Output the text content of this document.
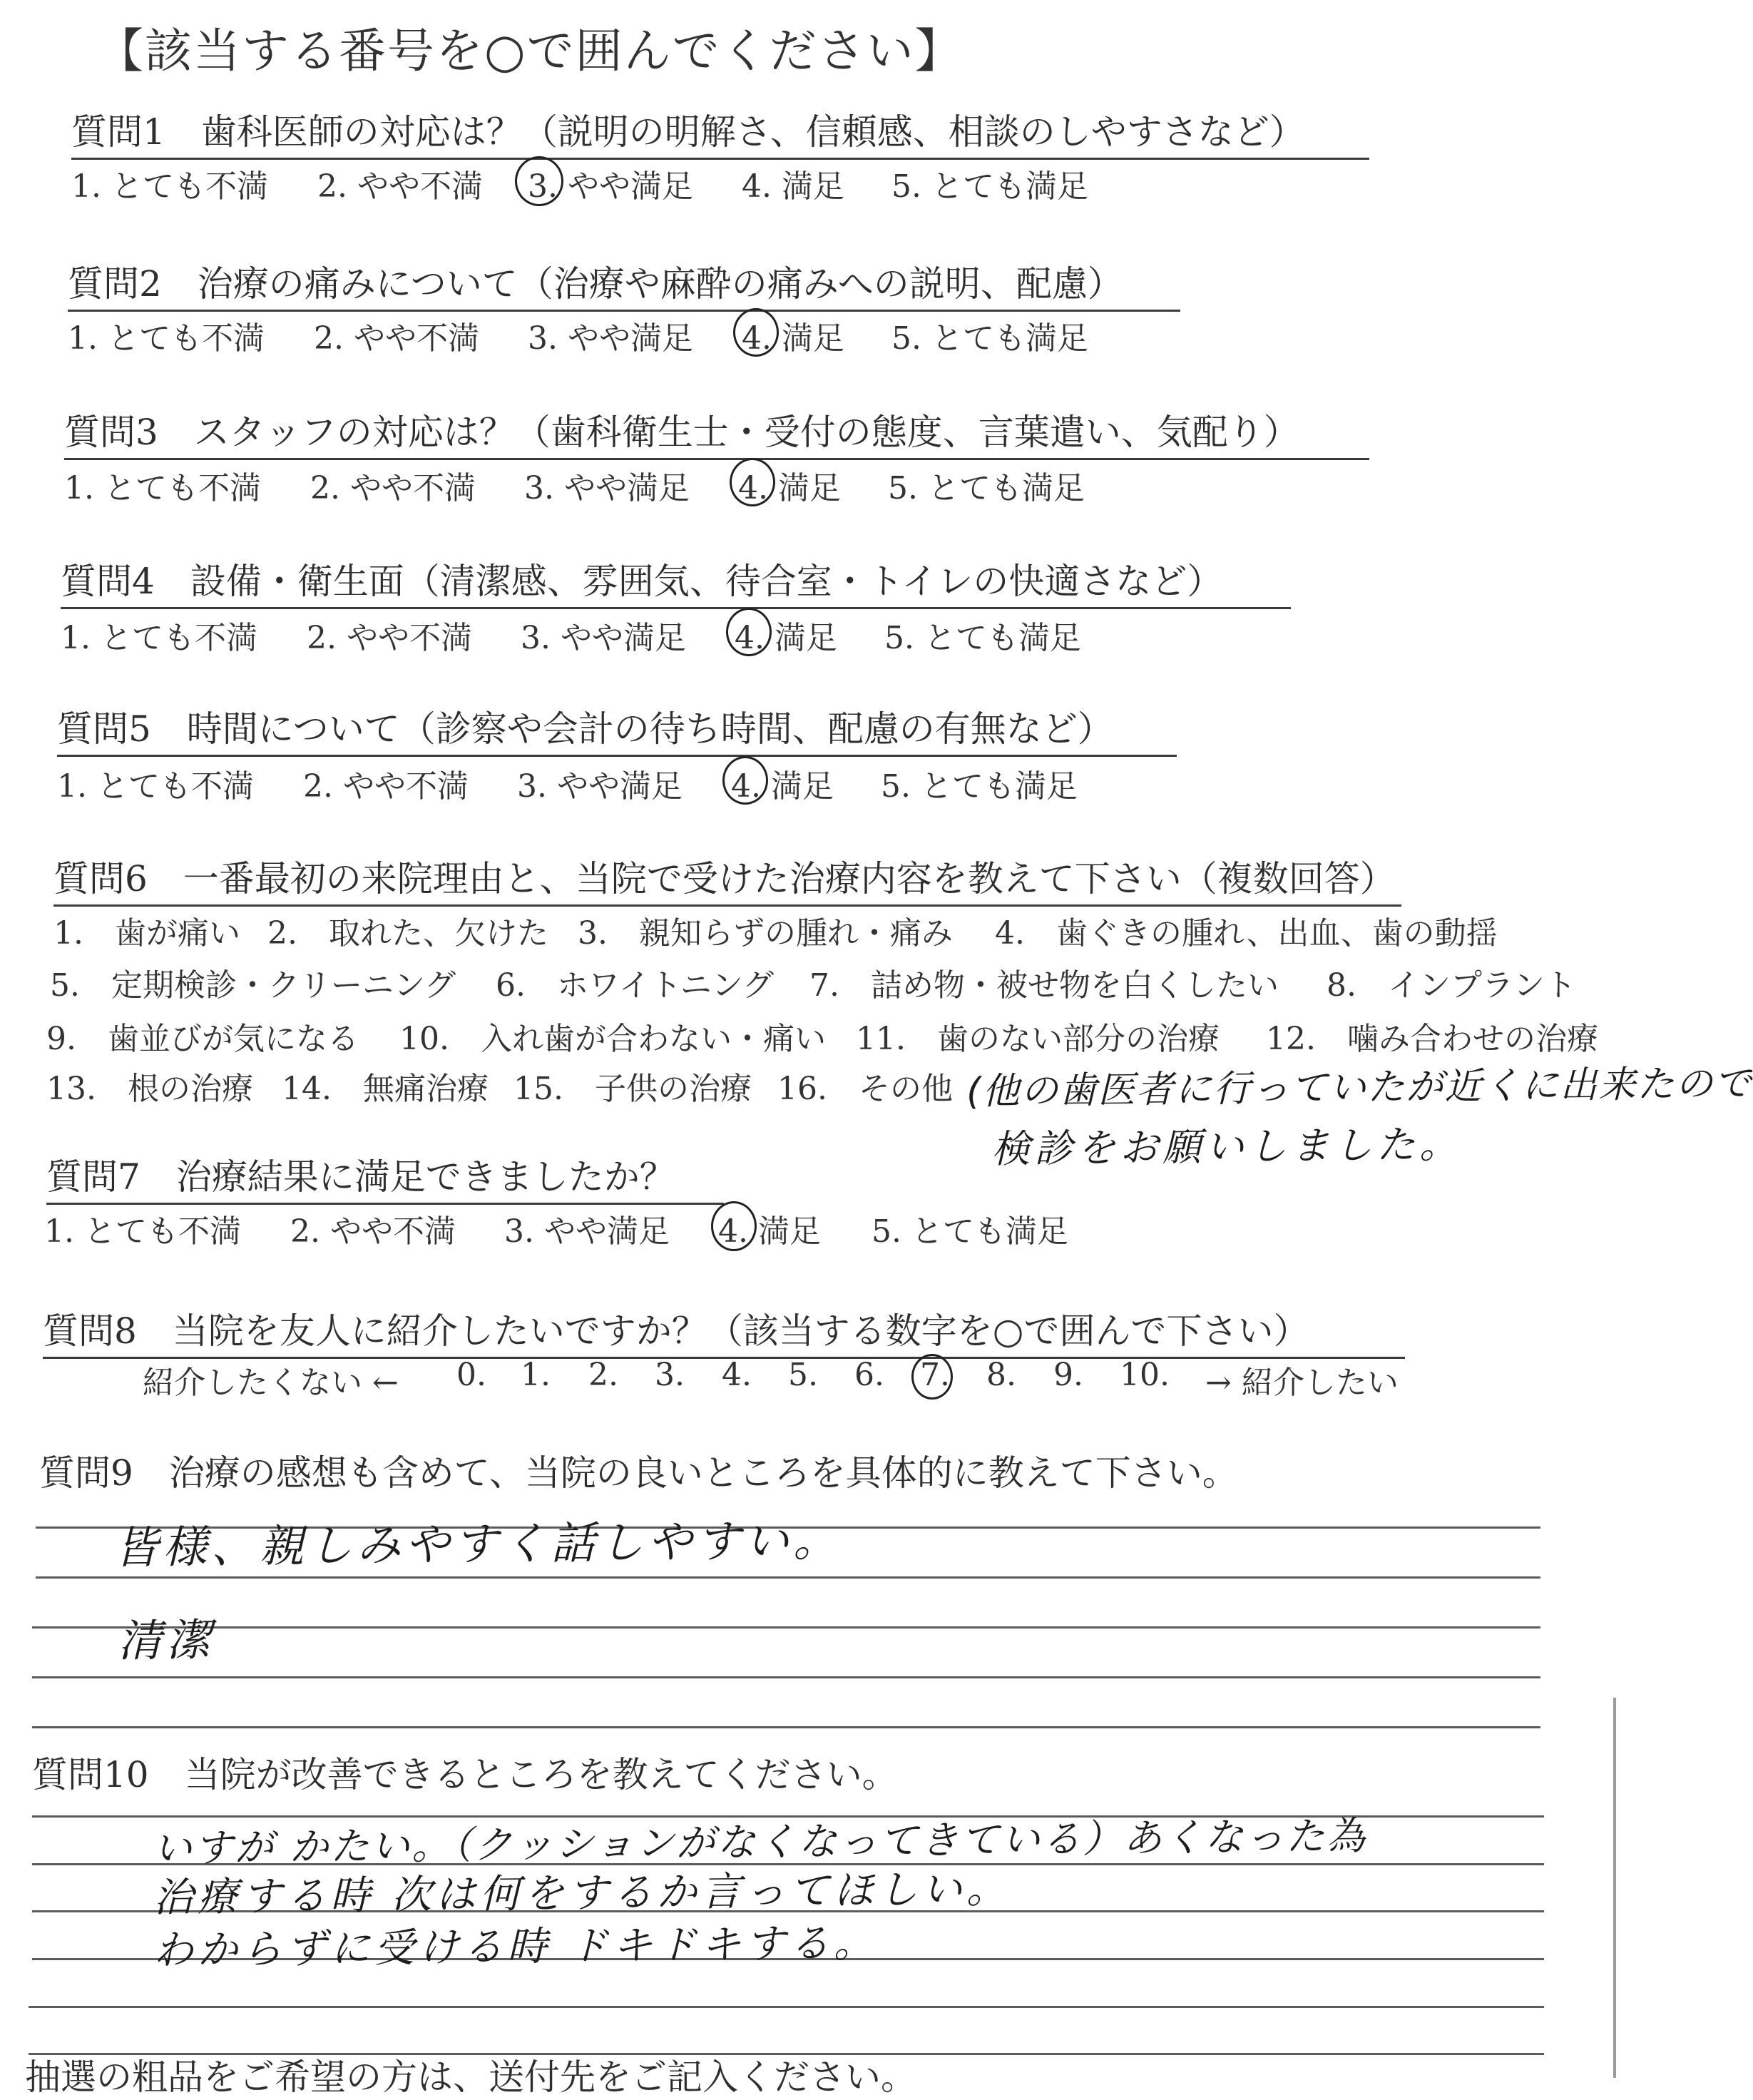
【該当する番号を○で囲んでください】
質問1　歯科医師の対応は？（説明の明解さ、信頼感、相談のしやすさなど）
1. とても不満 2. やや不満 3. やや満足 4. 満足 5. とても満足
質問2　治療の痛みについて（治療や麻酔の痛みへの説明、配慮）
1. とても不満 2. やや不満 3. やや満足 4. 満足 5. とても満足
質問3　スタッフの対応は？（歯科衛生士・受付の態度、言葉遣い、気配り）
1. とても不満 2. やや不満 3. やや満足 4. 満足 5. とても満足
質問4　設備・衛生面（清潔感、雰囲気、待合室・トイレの快適さなど）
1. とても不満 2. やや不満 3. やや満足 4. 満足 5. とても満足
質問5　時間について（診察や会計の待ち時間、配慮の有無など）
1. とても不満 2. やや不満 3. やや満足 4. 満足 5. とても満足
質問6　一番最初の来院理由と、当院で受けた治療内容を教えて下さい（複数回答）
1.　歯が痛い 2.　取れた、欠けた 3.　親知らずの腫れ・痛み 4.　歯ぐきの腫れ、出血、歯の動揺
5.　定期検診・クリーニング 6.　ホワイトニング 7.　詰め物・被せ物を白くしたい 8.　インプラント
9.　歯並びが気になる 10.　入れ歯が合わない・痛い 11.　歯のない部分の治療 12.　噛み合わせの治療
13.　根の治療 14.　無痛治療 15.　子供の治療 16.　その他 (他の歯医者に行っていたが近くに出来たので
検診をお願いしました。
質問7　治療結果に満足できましたか？
1. とても不満 2. やや不満 3. やや満足 4. 満足 5. とても満足
質問8　当院を友人に紹介したいですか？（該当する数字を○で囲んで下さい）
紹介したくない ← 0. 1. 2. 3. 4. 5. 6. 7. 8. 9. 10. → 紹介したい
質問9　治療の感想も含めて、当院の良いところを具体的に教えて下さい。
皆様、親しみやすく話しやすい。
清潔
質問10　当院が改善できるところを教えてください。
いすが かたい。（クッションがなくなってきている）あくなった為
治療する時 次は何をするか言ってほしい。
わからずに受ける時 ドキドキする。
抽選の粗品をご希望の方は、送付先をご記入ください。
